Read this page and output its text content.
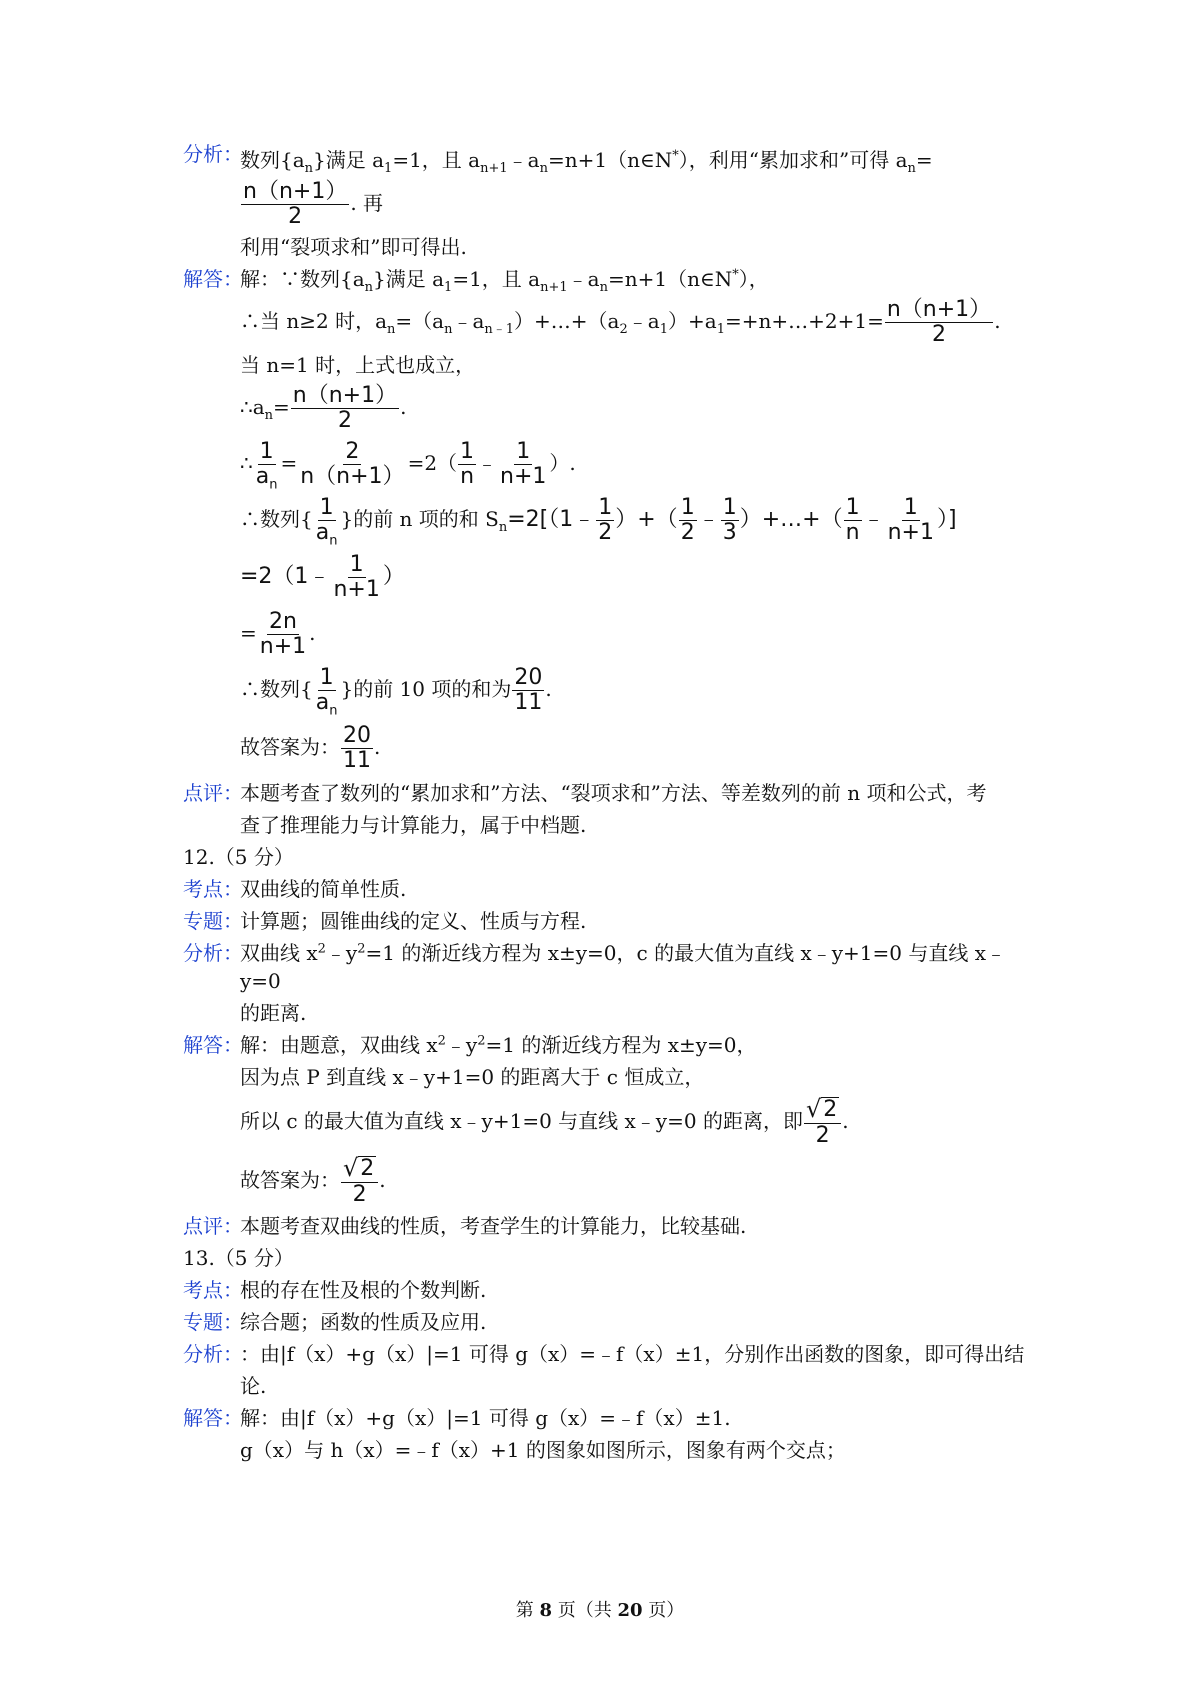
分析：
数列$\{a_n\}$满足 $a_1=1$，且 $a_{n+1}﹣a_n=n+1(n\in N^*)$，利用“累加求和”可得 $a_n=$
$\frac{n(n+1)}{2}$ . 再
利用“裂项求和”即可得出.
解答：
解：∵数列$\{a_n\}$满足 $a_1=1$，且 $a_{n+1}﹣a_n=n+1(n\in N^*)$，
∴当 n≥2 时，$a_n=(a_n﹣a_{n﹣1})+\dots+(a_2﹣a_1)+a_1=+n+\dots+2+1= \frac{n(n+1)}{2}$ .
当 n=1 时，上式也成立，
$\therefore a_n= \frac{n(n+1)}{2}$ .
∴ $\frac{1}{a_n} = \frac{2}{n(n+1)} =2( \frac{1}{n}$ ﹣ $\frac{1}{n+1}$ ）.
∴数列{ $\frac{1}{a_n}$ }的前 n 项的和 $S_n=2[(1﹣ \frac{1}{2}$ ）+（ $\frac{1}{2}$ ﹣ $\frac{1}{3}$ ）+…+（ $\frac{1}{n}$ ﹣ $\frac{1}{n+1}$ ）]
=2（1﹣ $\frac{1}{n+1}$ ）
= $\frac{2n}{n+1}$ .
∴数列{ $\frac{1}{a_n}$ }的前 10 项的和为 $\frac{20}{11}$ .
故答案为： $\frac{20}{11}$ .
点评：
本题考查了数列的“累加求和”方法、“裂项求和”方法、等差数列的前 n 项和公式，考
查了推理能力与计算能力，属于中档题.
12.（5 分）
考点：
双曲线的简单性质.
专题：
计算题；圆锥曲线的定义、性质与方程.
分析：
双曲线 $x^2﹣y^2=1$ 的渐近线方程为 x±y=0，c 的最大值为直线 x﹣y+1=0 与直线 x﹣y=0
的距离.
解答：
解：由题意，双曲线 $x^2﹣y^2=1$ 的渐近线方程为 x±y=0，
因为点 P 到直线 x﹣y+1=0 的距离大于 c 恒成立，
所以 c 的最大值为直线 x﹣y+1=0 与直线 x﹣y=0 的距离，即 $\frac{√ 2}{2}$ .
故答案为： $\frac{√ 2}{2}$ .
点评：
本题考查双曲线的性质，考查学生的计算能力，比较基础.
13.（5 分）
考点：
根的存在性及根的个数判断.
专题：
综合题；函数的性质及应用.
分析：
：由|f（x）+g（x）|=1 可得 g（x）=﹣f（x）±1，分别作出函数的图象，即可得出结
论.
解答：
解：由|f（x）+g（x）|=1 可得 g（x）=﹣f（x）±1.
g（x）与 h（x）=﹣f（x）+1 的图象如图所示，图象有两个交点；
第 8 页（共 20 页）
